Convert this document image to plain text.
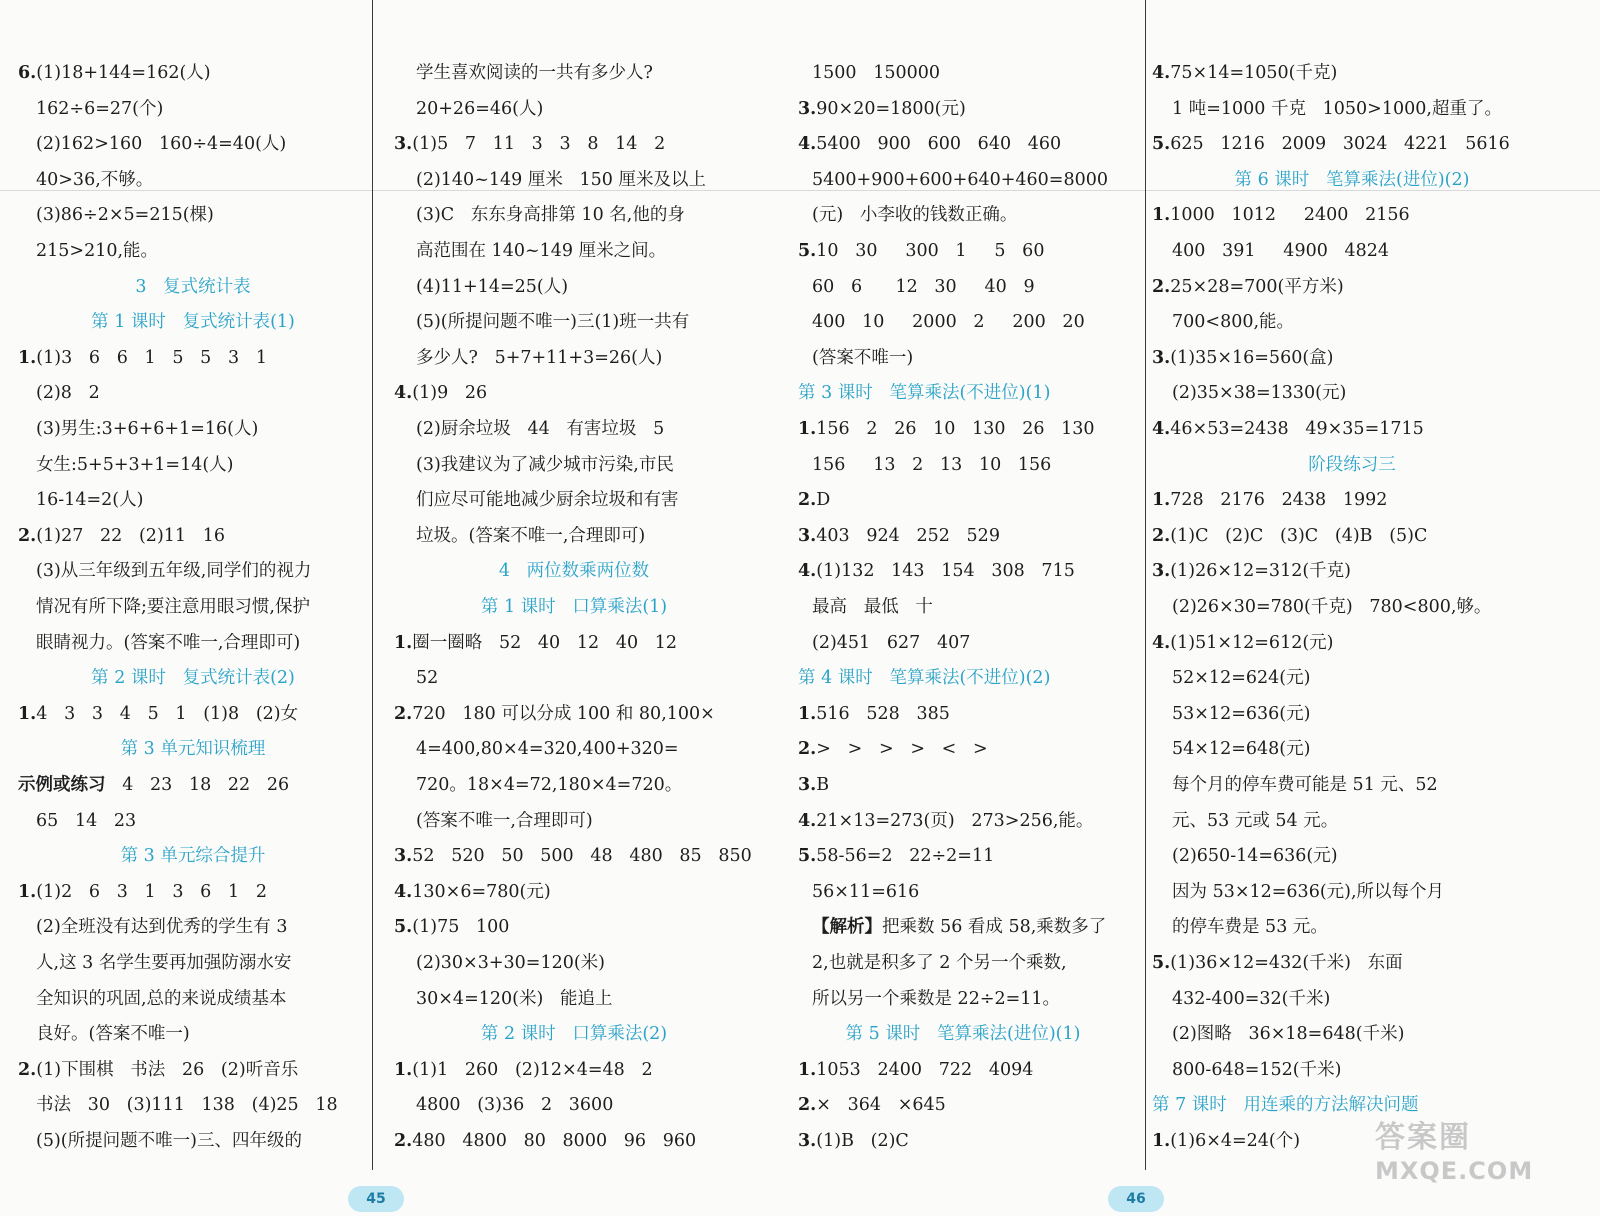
6.(1)18+144=162(人)
162÷6=27(个)
(2)162>160   160÷4=40(人)
40>36,不够。
(3)86÷2×5=215(棵)
215>210,能。
3   复式统计表
第 1 课时   复式统计表(1)
1.(1)3   6   6   1   5   5   3   1
(2)8   2
(3)男生:3+6+6+1=16(人)
女生:5+5+3+1=14(人)
16-14=2(人)
2.(1)27   22   (2)11   16
(3)从三年级到五年级,同学们的视力
情况有所下降;要注意用眼习惯,保护
眼睛视力。(答案不唯一,合理即可)
第 2 课时   复式统计表(2)
1.4   3   3   4   5   1   (1)8   (2)女
第 3 单元知识梳理
示例或练习   4   23   18   22   26
65   14   23
第 3 单元综合提升
1.(1)2   6   3   1   3   6   1   2
(2)全班没有达到优秀的学生有 3
人,这 3 名学生要再加强防溺水安
全知识的巩固,总的来说成绩基本
良好。(答案不唯一)
2.(1)下围棋   书法   26   (2)听音乐
书法   30   (3)111   138   (4)25   18
(5)(所提问题不唯一)三、四年级的
学生喜欢阅读的一共有多少人?
20+26=46(人)
3.(1)5   7   11   3   3   8   14   2
(2)140~149 厘米   150 厘米及以上
(3)C   东东身高排第 10 名,他的身
高范围在 140~149 厘米之间。
(4)11+14=25(人)
(5)(所提问题不唯一)三(1)班一共有
多少人?   5+7+11+3=26(人)
4.(1)9   26
(2)厨余垃圾   44   有害垃圾   5
(3)我建议为了减少城市污染,市民
们应尽可能地减少厨余垃圾和有害
垃圾。(答案不唯一,合理即可)
4   两位数乘两位数
第 1 课时   口算乘法(1)
1.圈一圈略   52   40   12   40   12
52
2.720   180 可以分成 100 和 80,100×
4=400,80×4=320,400+320=
720。18×4=72,180×4=720。
(答案不唯一,合理即可)
3.52   520   50   500   48   480   85   850
4.130×6=780(元)
5.(1)75   100
(2)30×3+30=120(米)
30×4=120(米)   能追上
第 2 课时   口算乘法(2)
1.(1)1   260   (2)12×4=48   2
4800   (3)36   2   3600
2.480   4800   80   8000   96   960
1500   150000
3.90×20=1800(元)
4.5400   900   600   640   460
5400+900+600+640+460=8000
(元)   小李收的钱数正确。
5.10   30     300   1     5   60
60   6      12   30     40   9
400   10     2000   2     200   20
(答案不唯一)
第 3 课时   笔算乘法(不进位)(1)
1.156   2   26   10   130   26   130
156     13   2   13   10   156
2.D
3.403   924   252   529
4.(1)132   143   154   308   715
最高   最低   十
(2)451   627   407
第 4 课时   笔算乘法(不进位)(2)
1.516   528   385
2.>   >   >   >   <   >
3.B
4.21×13=273(页)   273>256,能。
5.58-56=2   22÷2=11
56×11=616
【解析】把乘数 56 看成 58,乘数多了
2,也就是积多了 2 个另一个乘数,
所以另一个乘数是 22÷2=11。
第 5 课时   笔算乘法(进位)(1)
1.1053   2400   722   4094
2.×   364   ×645
3.(1)B   (2)C
4.75×14=1050(千克)
1 吨=1000 千克   1050>1000,超重了。
5.625   1216   2009   3024   4221   5616
第 6 课时   笔算乘法(进位)(2)
1.1000   1012     2400   2156
400   391     4900   4824
2.25×28=700(平方米)
700<800,能。
3.(1)35×16=560(盒)
(2)35×38=1330(元)
4.46×53=2438   49×35=1715
阶段练习三
1.728   2176   2438   1992
2.(1)C   (2)C   (3)C   (4)B   (5)C
3.(1)26×12=312(千克)
(2)26×30=780(千克)   780<800,够。
4.(1)51×12=612(元)
52×12=624(元)
53×12=636(元)
54×12=648(元)
每个月的停车费可能是 51 元、52
元、53 元或 54 元。
(2)650-14=636(元)
因为 53×12=636(元),所以每个月
的停车费是 53 元。
5.(1)36×12=432(千米)   东面
432-400=32(千米)
(2)图略   36×18=648(千米)
800-648=152(千米)
第 7 课时   用连乘的方法解决问题
1.(1)6×4=24(个)
45	46
答案圈
MXQE.COM
